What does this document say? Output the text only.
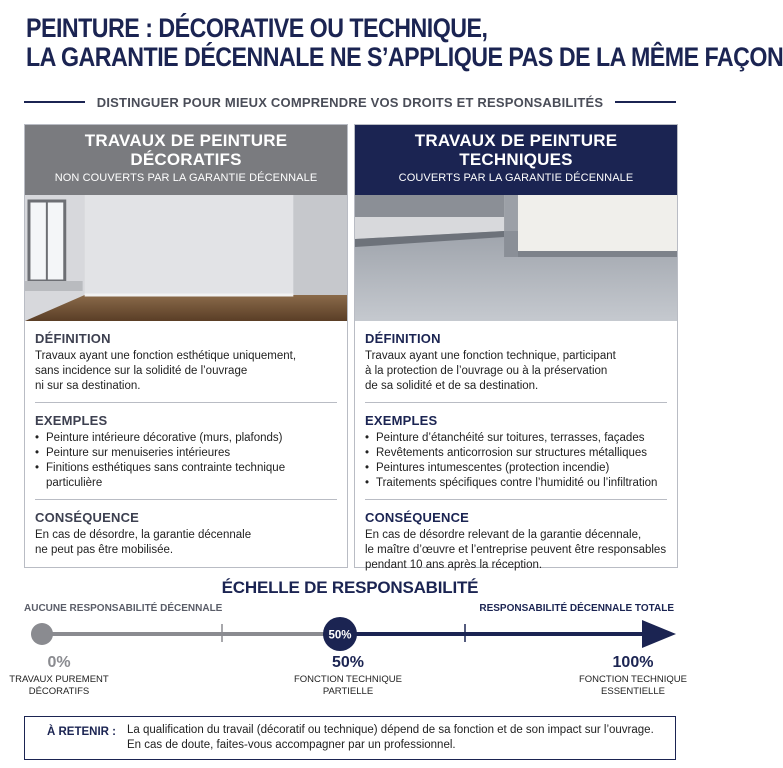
PEINTURE : DÉCORATIVE OU TECHNIQUE,
LA GARANTIE DÉCENNALE NE S’APPLIQUE PAS DE LA MÊME FAÇON
DISTINGUER POUR MIEUX COMPRENDRE VOS DROITS ET RESPONSABILITÉS
TRAVAUX DE PEINTURE
DÉCORATIFS
NON COUVERTS PAR LA GARANTIE DÉCENNALE
DÉFINITION

Travaux ayant une fonction esthétique uniquement,

sans incidence sur la solidité de l’ouvrage

ni sur sa destination.

EXEMPLES
• Peinture intérieure décorative (murs, plafonds)
• Peinture sur menuiseries intérieures
• Finitions esthétiques sans contrainte technique
particulière
CONSÉQUENCE

En cas de désordre, la garantie décennale

ne peut pas être mobilisée.

TRAVAUX DE PEINTURE
TECHNIQUES
COUVERTS PAR LA GARANTIE DÉCENNALE
DÉFINITION

Travaux ayant une fonction technique, participant

à la protection de l’ouvrage ou à la préservation

de sa solidité et de sa destination.

EXEMPLES
• Peinture d’étanchéité sur toitures, terrasses, façades
• Revêtements anticorrosion sur structures métalliques
• Peintures intumescentes (protection incendie)
• Traitements spécifiques contre l’humidité ou l’infiltration
CONSÉQUENCE

En cas de désordre relevant de la garantie décennale,

le maître d’œuvre et l’entreprise peuvent être responsables

pendant 10 ans après la réception.

ÉCHELLE DE RESPONSABILITÉ
AUCUNE RESPONSABILITÉ DÉCENNALE	RESPONSABILITÉ DÉCENNALE TOTALE
50%
0%
TRAVAUX PUREMENT
DÉCORATIFS
50%
FONCTION TECHNIQUE
PARTIELLE
100%
FONCTION TECHNIQUE
ESSENTIELLE
À RETENIR : La qualification du travail (décoratif ou technique) dépend de sa fonction et de son impact sur l’ouvrage.
En cas de doute, faites-vous accompagner par un professionnel.
